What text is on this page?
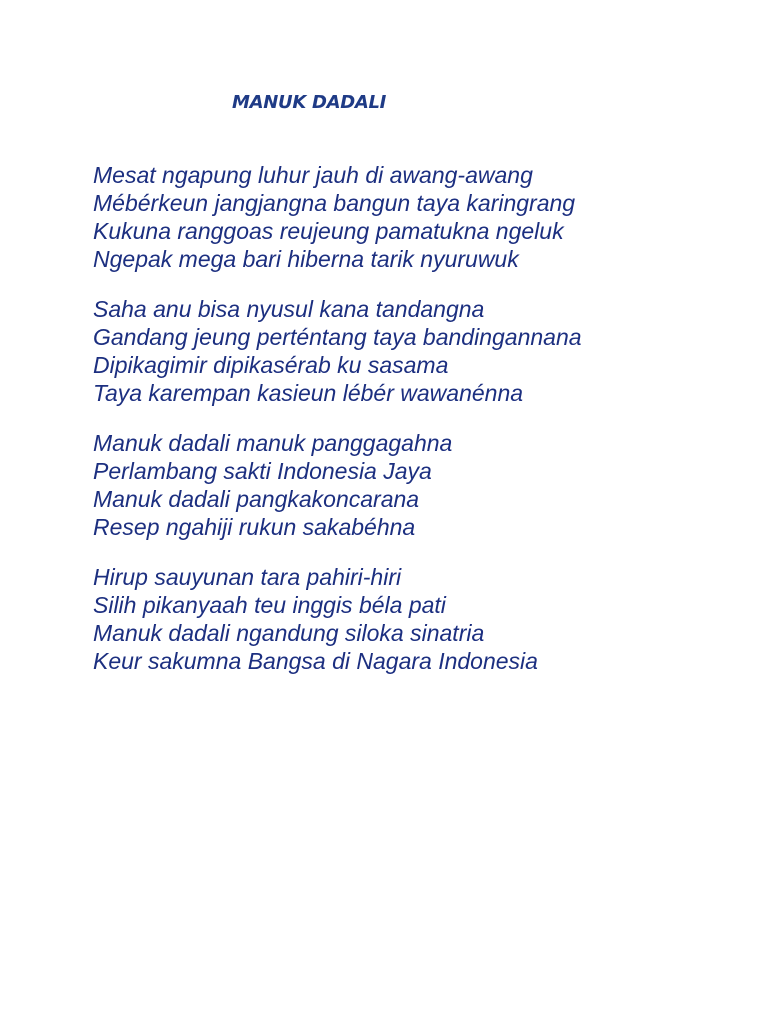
MANUK DADALI
Mesat ngapung luhur jauh di awang-awang
Mébérkeun jangjangna bangun taya karingrang
Kukuna ranggoas reujeung pamatukna ngeluk
Ngepak mega bari hiberna tarik nyuruwuk
Saha anu bisa nyusul kana tandangna
Gandang jeung perténtang taya bandingannana
Dipikagimir dipikasérab ku sasama
Taya karempan kasieun lébér wawanénna
Manuk dadali manuk panggagahna
Perlambang sakti Indonesia Jaya
Manuk dadali pangkakoncarana
Resep ngahiji rukun sakabéhna
Hirup sauyunan tara pahiri-hiri
Silih pikanyaah teu inggis béla pati
Manuk dadali ngandung siloka sinatria
Keur sakumna Bangsa di Nagara Indonesia
